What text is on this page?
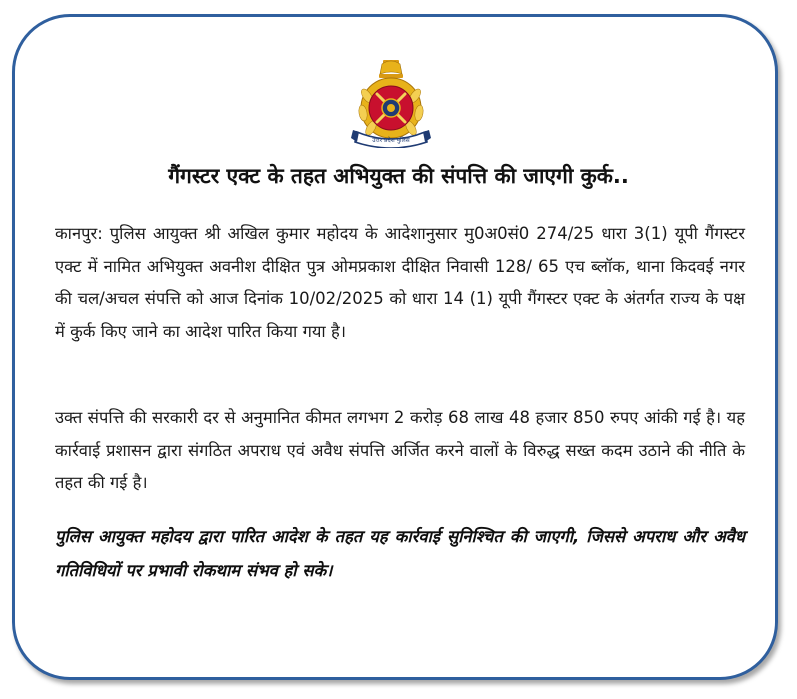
उत्तर प्रदेश पुलिस
गैंगस्टर एक्ट के तहत अभियुक्त की संपत्ति की जाएगी कुर्क..

कानपुर: पुलिस आयुक्त श्री अखिल कुमार महोदय के आदेशानुसार मु0अ0सं0 274/25 धारा 3(1) यूपी गैंगस्टर एक्ट में नामित अभियुक्त अवनीश दीक्षित पुत्र ओमप्रकाश दीक्षित निवासी 128/ 65 एच ब्लॉक, थाना किदवई नगर की चल/अचल संपत्ति को आज दिनांक 10/02/2025 को धारा 14 (1) यूपी गैंगस्टर एक्ट के अंतर्गत राज्य के पक्ष में कुर्क किए जाने का आदेश पारित किया गया है।

उक्त संपत्ति की सरकारी दर से अनुमानित कीमत लगभग 2 करोड़ 68 लाख 48 हजार 850 रुपए आंकी गई है। यह कार्रवाई प्रशासन द्वारा संगठित अपराध एवं अवैध संपत्ति अर्जित करने वालों के विरुद्ध सख्त कदम उठाने की नीति के तहत की गई है।

पुलिस आयुक्त महोदय द्वारा पारित आदेश के तहत यह कार्रवाई सुनिश्चित की जाएगी, जिससे अपराध और अवैध गतिविधियों पर प्रभावी रोकथाम संभव हो सके।
